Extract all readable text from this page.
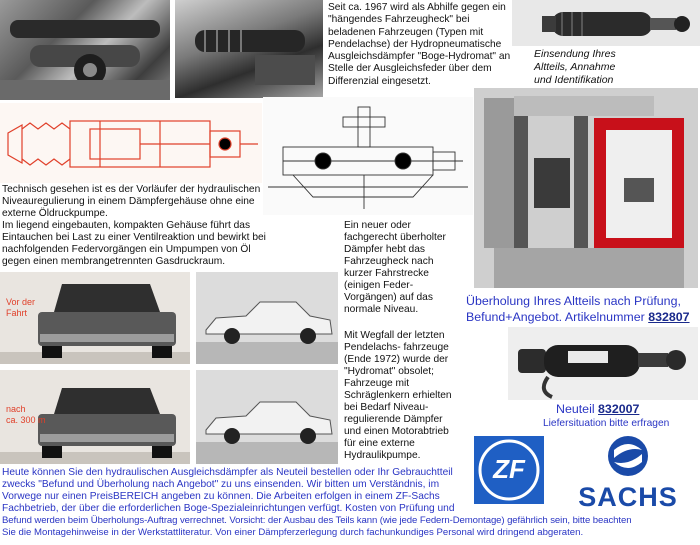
Seit ca. 1967 wird als Abhilfe gegen ein "hängendes Fahrzeugheck" bei beladenen Fahrzeugen (Typen mit Pendelachse) der Hydropneumatische Ausgleichsdämpfer "Boge-Hydromat" an Stelle der Ausgleichsfeder über dem Differenzial eingesetzt.
Einsendung Ihres
Altteils, Annahme
und Identifikation
Technisch gesehen ist es der Vorläufer der hydraulischen
Niveauregulierung in einem Dämpfergehäuse ohne eine
externe Öldruckpumpe.
Im liegend eingebauten, kompakten Gehäuse führt das
Eintauchen bei Last zu einer Ventilreaktion und bewirkt bei
nachfolgenden Federvorgängen ein Umpumpen von Öl
gegen einen membrangetrennten Gasdruckraum.
Ein neuer oder
fachgerecht überholter
Dämpfer hebt das
Fahrzeugheck nach
kurzer Fahrstrecke
(einigen Feder-
Vorgängen) auf das
normale Niveau.
Vor der
Fahrt
nach
ca. 300 m
Mit Wegfall der letzten
Pendelachs- fahrzeuge
(Ende 1972) wurde der
"Hydromat" obsolet;
Fahrzeuge mit
Schräglenkern erhielten
bei Bedarf Niveau-
regulierende Dämpfer
und einen Motorabtrieb
für eine externe
Hydraulikpumpe.
Überholung Ihres Altteils nach Prüfung,
Befund+Angebot. Artikelnummer 832807
Neuteil 832007
Liefersituation bitte erfragen
ZF
SACHS
Heute können Sie den hydraulischen Ausgleichsdämpfer als Neuteil bestellen oder Ihr Gebrauchtteil
zwecks "Befund und Überholung nach Angebot" zu uns einsenden. Wir bitten um Verständnis, im
Vorwege nur einen PreisBEREICH angeben zu können. Die Arbeiten erfolgen in einem ZF-Sachs
Fachbetrieb, der über die erforderlichen Boge-Spezialeinrichtungen verfügt. Kosten von Prüfung und
Befund werden beim Überholungs-Auftrag verrechnet. Vorsicht: der Ausbau des Teils kann (wie jede Federn-Demontage) gefährlich sein, bitte beachten
Sie die Montagehinweise in der Werkstattliteratur. Von einer Dämpferzerlegung durch fachunkundiges Personal wird dringend abgeraten.
